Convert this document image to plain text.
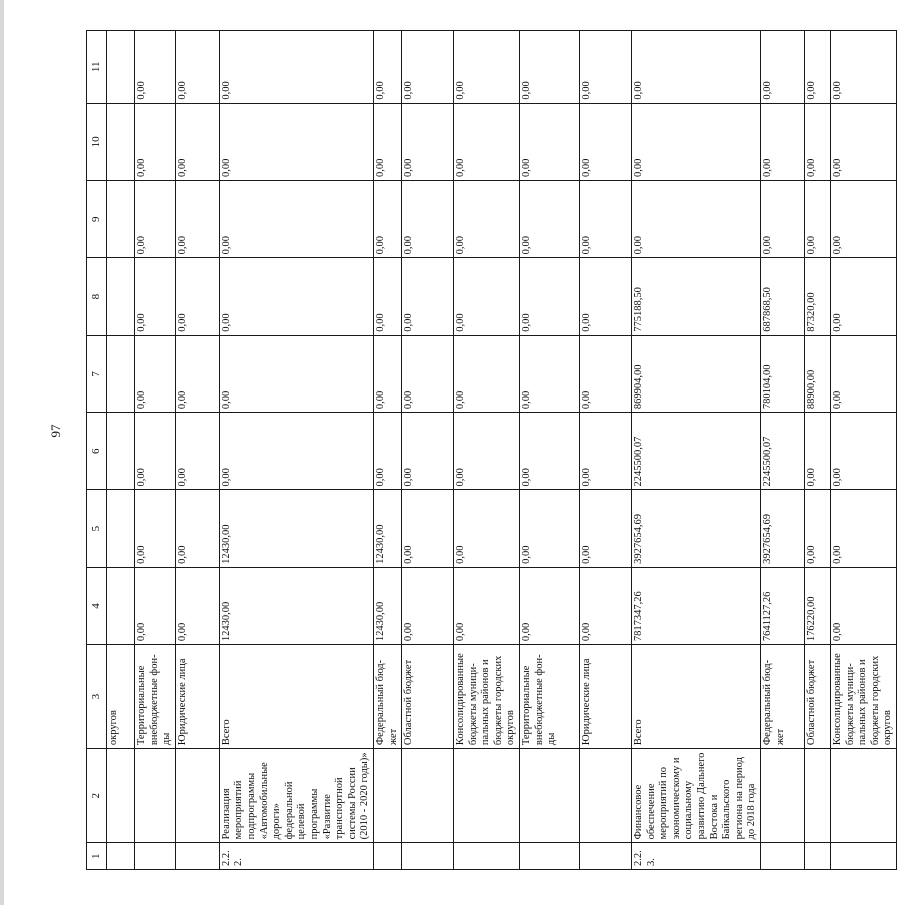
97
1	2	3	4	5	6	7	8	9	10	11
		округов								
		Территориальные внебюджетные фон-ды	0,00	0,00	0,00	0,00	0,00	0,00	0,00	0,00
		Юридические лица	0,00	0,00	0,00	0,00	0,00	0,00	0,00	0,00
2.2.2.	Реализация мероприятий подпрограммы «Автомобильные дороги» федеральной целевой программы «Развитие транспортной системы России (2010 - 2020 годы)»	Всего	12430,00	12430,00	0,00	0,00	0,00	0,00	0,00	0,00
		Федеральный бюд-жет	12430,00	12430,00	0,00	0,00	0,00	0,00	0,00	0,00
		Областной бюджет	0,00	0,00	0,00	0,00	0,00	0,00	0,00	0,00
		Консолидированные бюджеты муници-пальных районов и бюджеты городских округов	0,00	0,00	0,00	0,00	0,00	0,00	0,00	0,00
		Территориальные внебюджетные фон-ды	0,00	0,00	0,00	0,00	0,00	0,00	0,00	0,00
		Юридические лица	0,00	0,00	0,00	0,00	0,00	0,00	0,00	0,00
2.2.3.	Финансовое обеспечение мероприятий по экономическому и социальному развитию Дальнего Востока и Байкальского региона на период до 2018 года	Всего	7817347,26	3927654,69	2245500,07	869904,00	775188,50	0,00	0,00	0,00
		Федеральный бюд-жет	7641127,26	3927654,69	2245500,07	780104,00	687868,50	0,00	0,00	0,00
		Областной бюджет	176220,00	0,00	0,00	88900,00	87320,00	0,00	0,00	0,00
		Консолидированные бюджеты муници-пальных районов и бюджеты городских округов	0,00	0,00	0,00	0,00	0,00	0,00	0,00	0,00
